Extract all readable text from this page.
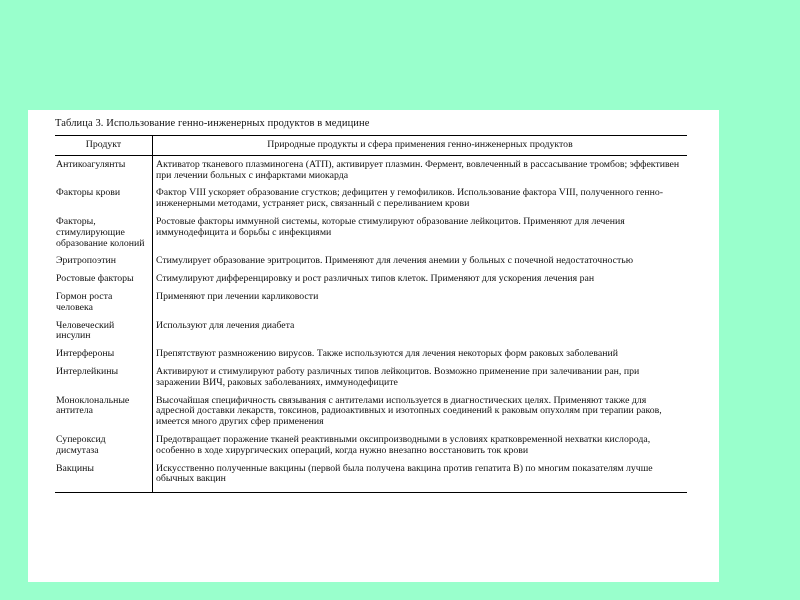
Таблица 3. Использование генно-инженерных продуктов в медицине
Продукт	Природные продукты и сфера применения генно-инженерных продуктов
Антикоагулянты	Активатор тканевого плазминогена (АТП), активирует плазмин. Фермент, вовлеченный в рассасывание тромбов; эффективен при лечении больных с инфарктами миокарда
Факторы крови	Фактор VIII ускоряет образование сгустков; дефицитен у гемофиликов. Использование фактора VIII, полученного генно-инженерными методами, устраняет риск, связанный с переливанием крови
Факторы, стимулирующие образование колоний	Ростовые факторы иммунной системы, которые стимулируют образование лейкоцитов. Применяют для лечения иммунодефицита и борьбы с инфекциями
Эритропоэтин	Стимулирует образование эритроцитов. Применяют для лечения анемии у больных с почечной недостаточностью
Ростовые факторы	Стимулируют дифференцировку и рост различных типов клеток. Применяют для ускорения лечения ран
Гормон роста человека	Применяют при лечении карликовости
Человеческий инсулин	Используют для лечения диабета
Интерфероны	Препятствуют размножению вирусов. Также используются для лечения некоторых форм раковых заболеваний
Интерлейкины	Активируют и стимулируют работу различных типов лейкоцитов. Возможно применение при залечивании ран, при заражении ВИЧ, раковых заболеваниях, иммунодефиците
Моноклональные антитела	Высочайшая специфичность связывания с антителами используется в диагностических целях. Применяют также для адресной доставки лекарств, токсинов, радиоактивных и изотопных соединений к раковым опухолям при терапии раков, имеется много других сфер применения
Супероксид дисмутаза	Предотвращает поражение тканей реактивными оксипроизводными в условиях кратковременной нехватки кислорода, особенно в ходе хирургических операций, когда нужно внезапно восстановить ток крови
Вакцины	Искусственно полученные вакцины (первой была получена вакцина против гепатита В) по многим показателям лучше обычных вакцин
